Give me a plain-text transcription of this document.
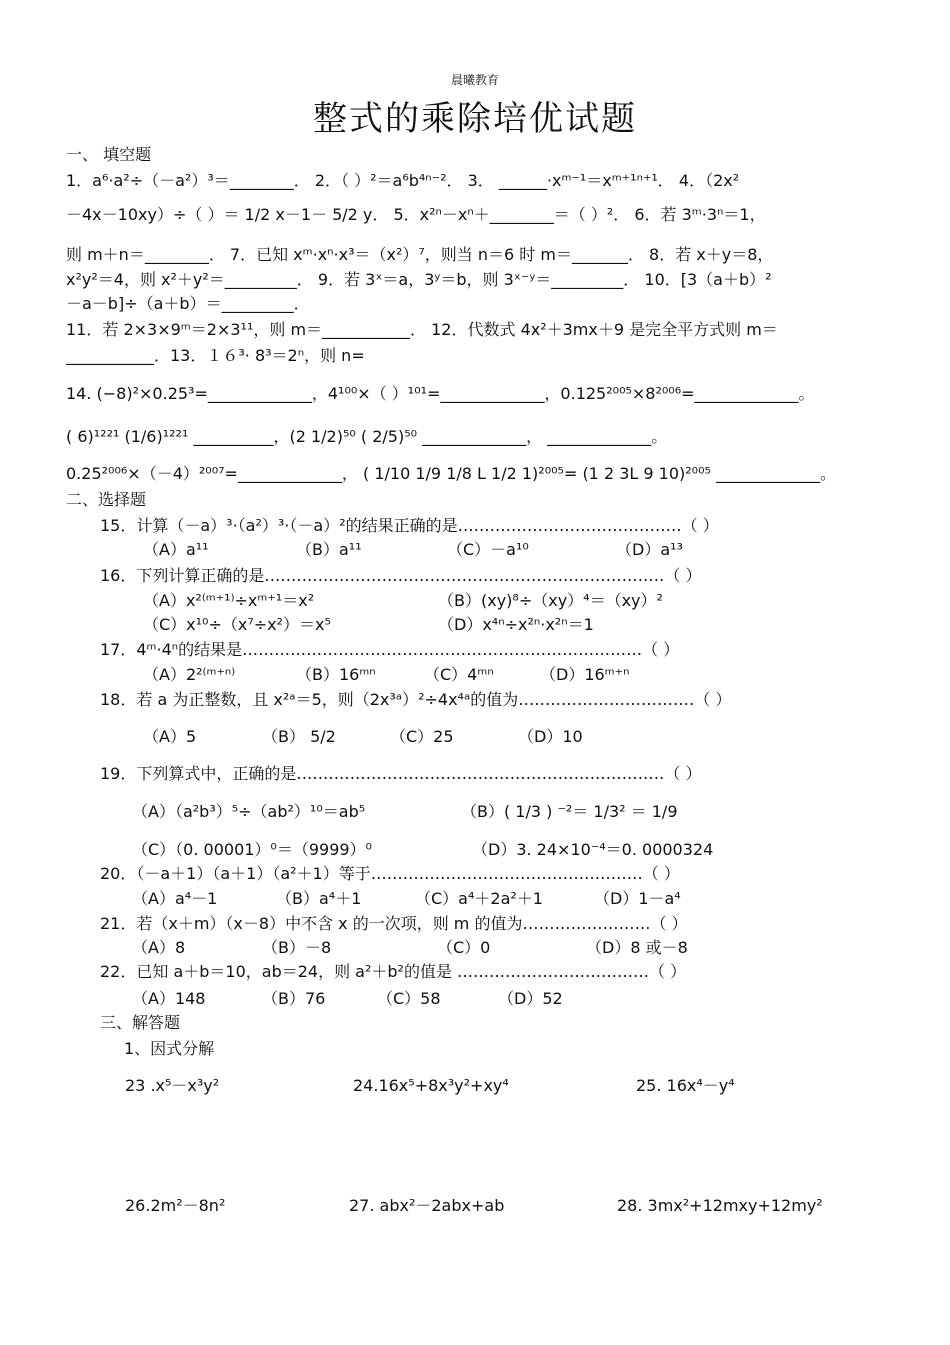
晨曦教育
整式的乘除培优试题
一、 填空题
1．a⁶·a²÷（－a²）³＝________． 2．（ ）²＝a⁶b⁴ⁿ⁻²． 3． ______·xᵐ⁻¹＝xᵐ⁺¹ⁿ⁺¹． 4．（2x²
－4x－10xy）÷（ ）＝ 1/2 x－1－ 5/2 y． 5．x²ⁿ－xⁿ＋________＝（ ）²． 6．若 3ᵐ·3ⁿ＝1，
则 m＋n＝________． 7．已知 xᵐ·xⁿ·x³＝（x²）⁷，则当 n＝6 时 m＝_______． 8．若 x＋y＝8，
x²y²＝4，则 x²＋y²＝_________． 9．若 3ˣ＝a，3ʸ＝b，则 3ˣ⁻ʸ＝_________． 10．[3（a＋b）²
－a－b]÷（a＋b）＝_________．
11．若 2×3×9ᵐ＝2×3¹¹，则 m＝___________． 12．代数式 4x²＋3mx＋9 是完全平方式则 m＝
___________．13．１６³· 8³＝2ⁿ，则 n=
14. (−8)²×0.25³=_____________，4¹⁰⁰×（ ）¹⁰¹=_____________，0.125²⁰⁰⁵×8²⁰⁰⁶=_____________。
( 6)¹²²¹ (1/6)¹²²¹ __________，(2 1/2)⁵⁰ ( 2/5)⁵⁰ _____________， _____________。
0.25²⁰⁰⁶×（－4）²⁰⁰⁷=_____________， ( 1/10 1/9 1/8 L 1/2 1)²⁰⁰⁵= (1 2 3L 9 10)²⁰⁰⁵ _____________。
二、选择题
15．计算（－a）³·（a²）³·（－a）²的结果正确的是……………………………………（ ）
（A）a¹¹	（B）a¹¹	（C）－a¹⁰	（D）a¹³
16．下列计算正确的是…………………………………………………………………（ ）
（A）x²⁽ᵐ⁺¹⁾÷xᵐ⁺¹＝x²	（B）(xy)⁸÷（xy）⁴＝（xy）²
（C）x¹⁰÷（x⁷÷x²）＝x⁵	（D）x⁴ⁿ÷x²ⁿ·x²ⁿ＝1
17．4ᵐ·4ⁿ的结果是…………………………………………………………………（ ）
（A）2²⁽ᵐ⁺ⁿ⁾	（B）16ᵐⁿ	（C）4ᵐⁿ	（D）16ᵐ⁺ⁿ
18．若 a 为正整数，且 x²ᵃ＝5，则（2x³ᵃ）²÷4x⁴ᵃ的值为……………………………（ ）
（A）5	（B） 5/2	（C）25	（D）10
19．下列算式中，正确的是……………………………………………………………（ ）
（A）（a²b³）⁵÷（ab²）¹⁰＝ab⁵	（B）( 1/3 ) ⁻²＝ 1/3² ＝ 1/9
（C）（0. 00001）⁰＝（9999）⁰	（D）3. 24×10⁻⁴＝0. 0000324
20．（－a＋1）（a＋1）（a²＋1）等于……………………………………………（ ）
（A）a⁴－1	（B）a⁴＋1	（C）a⁴＋2a²＋1	（D）1－a⁴
21．若（x＋m）（x－8）中不含 x 的一次项，则 m 的值为……………………（ ）
（A）8	（B）－8	（C）0	（D）8 或－8
22．已知 a＋b＝10，ab＝24，则 a²＋b²的值是 ………………………………（ ）
（A）148	（B）76	（C）58	（D）52
三、解答题
1、因式分解
23 .x⁵－x³y²	24.16x⁵+8x³y²+xy⁴	25. 16x⁴－y⁴
26.2m²－8n²	27. abx²－2abx+ab	28. 3mx²+12mxy+12my²
